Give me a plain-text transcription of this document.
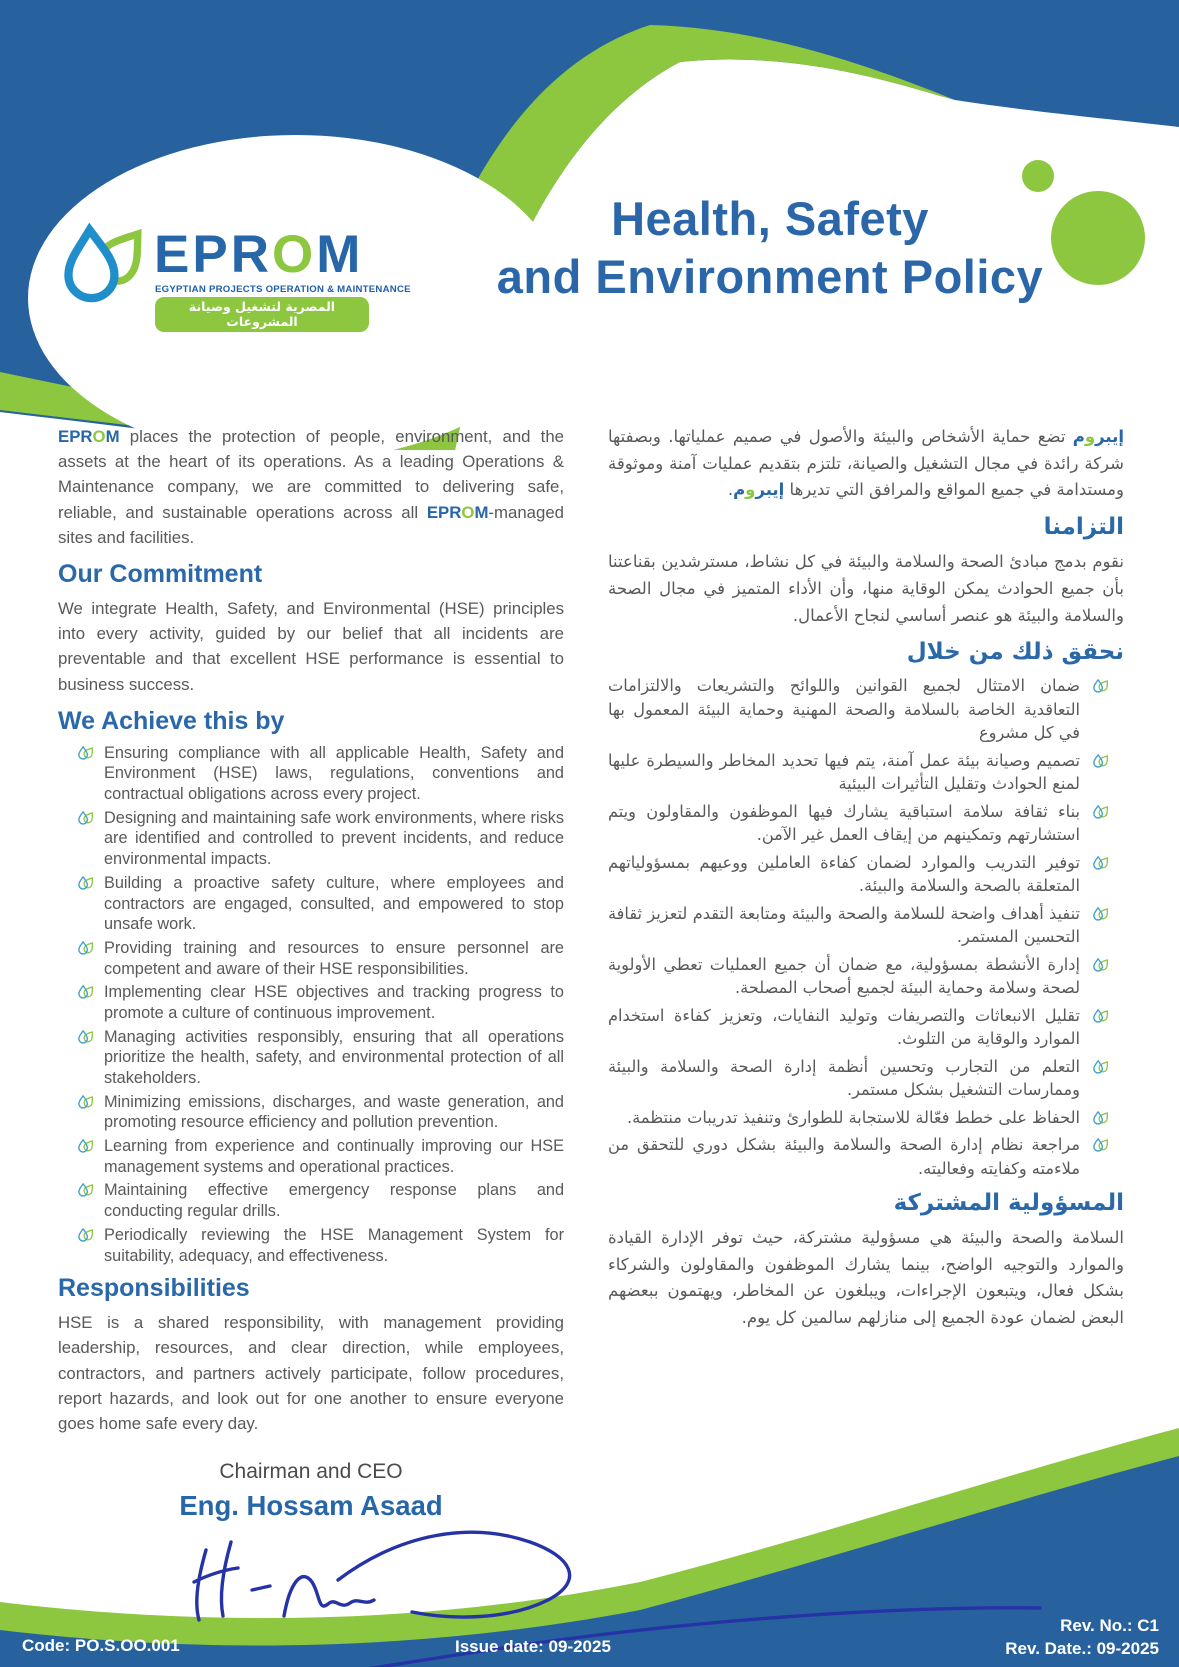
EPROM
EGYPTIAN PROJECTS OPERATION & MAINTENANCE
المصرية لتشغيل وصيانة المشروعات
Health, Safety
and Environment Policy

EPROM places the protection of people, environment, and the assets at the heart of its operations. As a leading Operations & Maintenance company, we are committed to delivering safe, reliable, and sustainable operations across all EPROM-managed sites and facilities.

Our Commitment

We integrate Health, Safety, and Environmental (HSE) principles into every activity, guided by our belief that all incidents are preventable and that excellent HSE performance is essential to business success.

We Achieve this by
Ensuring compliance with all applicable Health, Safety and Environment (HSE) laws, regulations, conventions and contractual obligations across every project.
Designing and maintaining safe work environments, where risks are identified and controlled to prevent incidents, and reduce environmental impacts.
Building a proactive safety culture, where employees and contractors are engaged, consulted, and empowered to stop unsafe work.
Providing training and resources to ensure personnel are competent and aware of their HSE responsibilities.
Implementing clear HSE objectives and tracking progress to promote a culture of continuous improvement.
Managing activities responsibly, ensuring that all operations prioritize the health, safety, and environmental protection of all stakeholders.
Minimizing emissions, discharges, and waste generation, and promoting resource efficiency and pollution prevention.
Learning from experience and continually improving our HSE management systems and operational practices.
Maintaining effective emergency response plans and conducting regular drills.
Periodically reviewing the HSE Management System for suitability, adequacy, and effectiveness.
Responsibilities

HSE is a shared responsibility, with management providing leadership, resources, and clear direction, while employees, contractors, and partners actively participate, follow procedures, report hazards, and look out for one another to ensure everyone goes home safe every day.

Chairman and CEO
Eng. Hossam Asaad

إيبروم تضع حماية الأشخاص والبيئة والأصول في صميم عملياتها. وبصفتها شركة رائدة في مجال التشغيل والصيانة، تلتزم بتقديم عمليات آمنة وموثوقة ومستدامة في جميع المواقع والمرافق التي تديرها إيبروم.

التزامنا

نقوم بدمج مبادئ الصحة والسلامة والبيئة في كل نشاط، مسترشدين بقناعتنا بأن جميع الحوادث يمكن الوقاية منها، وأن الأداء المتميز في مجال الصحة والسلامة والبيئة هو عنصر أساسي لنجاح الأعمال.

نحقق ذلك من خلال
ضمان الامتثال لجميع القوانين واللوائح والتشريعات والالتزامات التعاقدية الخاصة بالسلامة والصحة المهنية وحماية البيئة المعمول بها في كل مشروع
تصميم وصيانة بيئة عمل آمنة، يتم فيها تحديد المخاطر والسيطرة عليها لمنع الحوادث وتقليل التأثيرات البيئية
بناء ثقافة سلامة استباقية يشارك فيها الموظفون والمقاولون ويتم استشارتهم وتمكينهم من إيقاف العمل غير الآمن.
توفير التدريب والموارد لضمان كفاءة العاملين ووعيهم بمسؤولياتهم المتعلقة بالصحة والسلامة والبيئة.
تنفيذ أهداف واضحة للسلامة والصحة والبيئة ومتابعة التقدم لتعزيز ثقافة التحسين المستمر.
إدارة الأنشطة بمسؤولية، مع ضمان أن جميع العمليات تعطي الأولوية لصحة وسلامة وحماية البيئة لجميع أصحاب المصلحة.
تقليل الانبعاثات والتصريفات وتوليد النفايات، وتعزيز كفاءة استخدام الموارد والوقاية من التلوث.
التعلم من التجارب وتحسين أنظمة إدارة الصحة والسلامة والبيئة وممارسات التشغيل بشكل مستمر.
الحفاظ على خطط فعّالة للاستجابة للطوارئ وتنفيذ تدريبات منتظمة.
مراجعة نظام إدارة الصحة والسلامة والبيئة بشكل دوري للتحقق من ملاءمته وكفايته وفعاليته.
المسؤولية المشتركة

السلامة والصحة والبيئة هي مسؤولية مشتركة، حيث توفر الإدارة القيادة والموارد والتوجيه الواضح، بينما يشارك الموظفون والمقاولون والشركاء بشكل فعال، ويتبعون الإجراءات، ويبلغون عن المخاطر، ويهتمون ببعضهم البعض لضمان عودة الجميع إلى منازلهم سالمين كل يوم.

Code: PO.S.OO.001	Issue date: 09-2025
Rev. No.: C1
Rev. Date.: 09-2025
